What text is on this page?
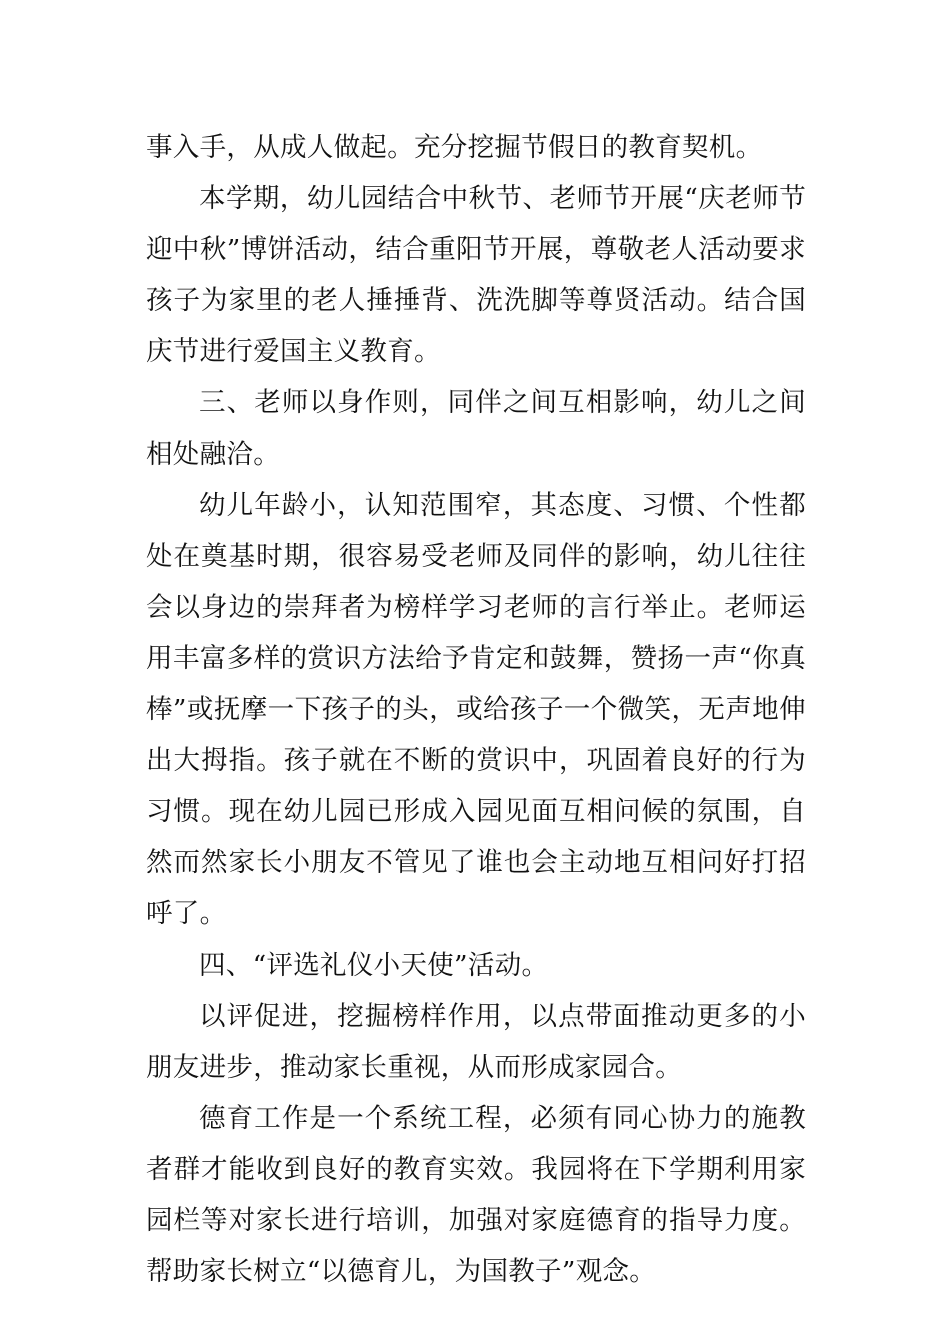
事入手，从成人做起。充分挖掘节假日的教育契机。

本学期，幼儿园结合中秋节、老师节开展“庆老师节迎中秋”博饼活动，结合重阳节开展，尊敬老人活动要求孩子为家里的老人捶捶背、洗洗脚等尊贤活动。结合国庆节进行爱国主义教育。

三、老师以身作则，同伴之间互相影响，幼儿之间相处融洽。

幼儿年龄小，认知范围窄，其态度、习惯、个性都处在奠基时期，很容易受老师及同伴的影响，幼儿往往会以身边的崇拜者为榜样学习老师的言行举止。老师运用丰富多样的赏识方法给予肯定和鼓舞，赞扬一声“你真棒”或抚摩一下孩子的头，或给孩子一个微笑，无声地伸出大拇指。孩子就在不断的赏识中，巩固着良好的行为习惯。现在幼儿园已形成入园见面互相问候的氛围，自然而然家长小朋友不管见了谁也会主动地互相问好打招呼了。

四、“评选礼仪小天使”活动。

以评促进，挖掘榜样作用，以点带面推动更多的小朋友进步，推动家长重视，从而形成家园合。

德育工作是一个系统工程，必须有同心协力的施教者群才能收到良好的教育实效。我园将在下学期利用家园栏等对家长进行培训，加强对家庭德育的指导力度。帮助家长树立“以德育儿，为国教子”观念。
